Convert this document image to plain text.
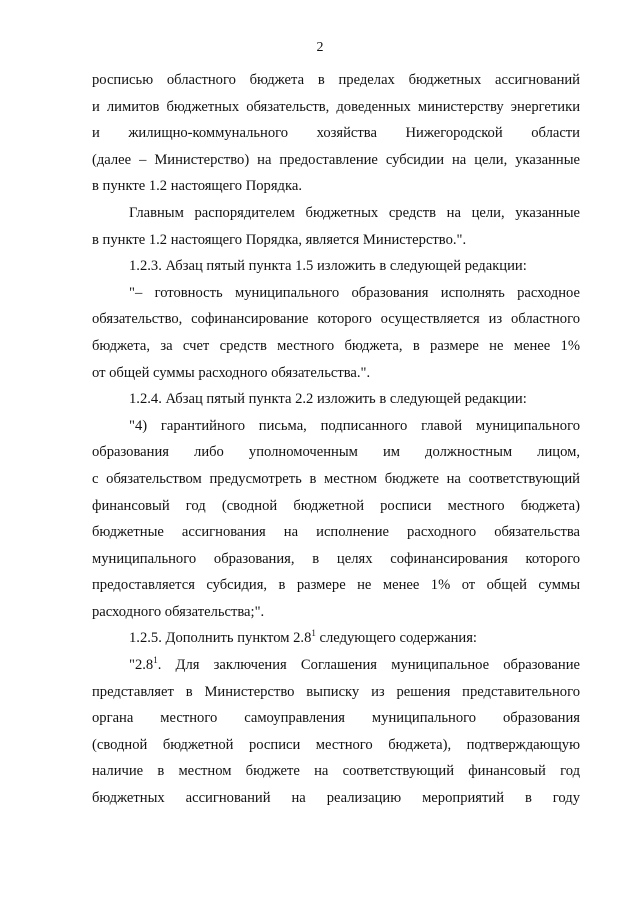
2
росписью областного бюджета в пределах бюджетных ассигнований
и лимитов бюджетных обязательств, доведенных министерству энергетики
и жилищно-коммунального хозяйства Нижегородской области
(далее – Министерство) на предоставление субсидии на цели, указанные
в пункте 1.2 настоящего Порядка.
Главным распорядителем бюджетных средств на цели, указанные
в пункте 1.2 настоящего Порядка, является Министерство.".
1.2.3. Абзац пятый пункта 1.5 изложить в следующей редакции:
"– готовность муниципального образования исполнять расходное
обязательство, софинансирование которого осуществляется из областного
бюджета, за счет средств местного бюджета, в размере не менее 1%
от общей суммы расходного обязательства.".
1.2.4. Абзац пятый пункта 2.2 изложить в следующей редакции:
"4) гарантийного письма, подписанного главой муниципального
образования либо уполномоченным им должностным лицом,
с обязательством предусмотреть в местном бюджете на соответствующий
финансовый год (сводной бюджетной росписи местного бюджета)
бюджетные ассигнования на исполнение расходного обязательства
муниципального образования, в целях софинансирования которого
предоставляется субсидия, в размере не менее 1% от общей суммы
расходного обязательства;".
1.2.5. Дополнить пунктом $2.8^1$ следующего содержания:
"$2.8^1$. Для заключения Соглашения муниципальное образование
представляет в Министерство выписку из решения представительного
органа местного самоуправления муниципального образования
(сводной бюджетной росписи местного бюджета), подтверждающую
наличие в местном бюджете на соответствующий финансовый год
бюджетных ассигнований на реализацию мероприятий в году
